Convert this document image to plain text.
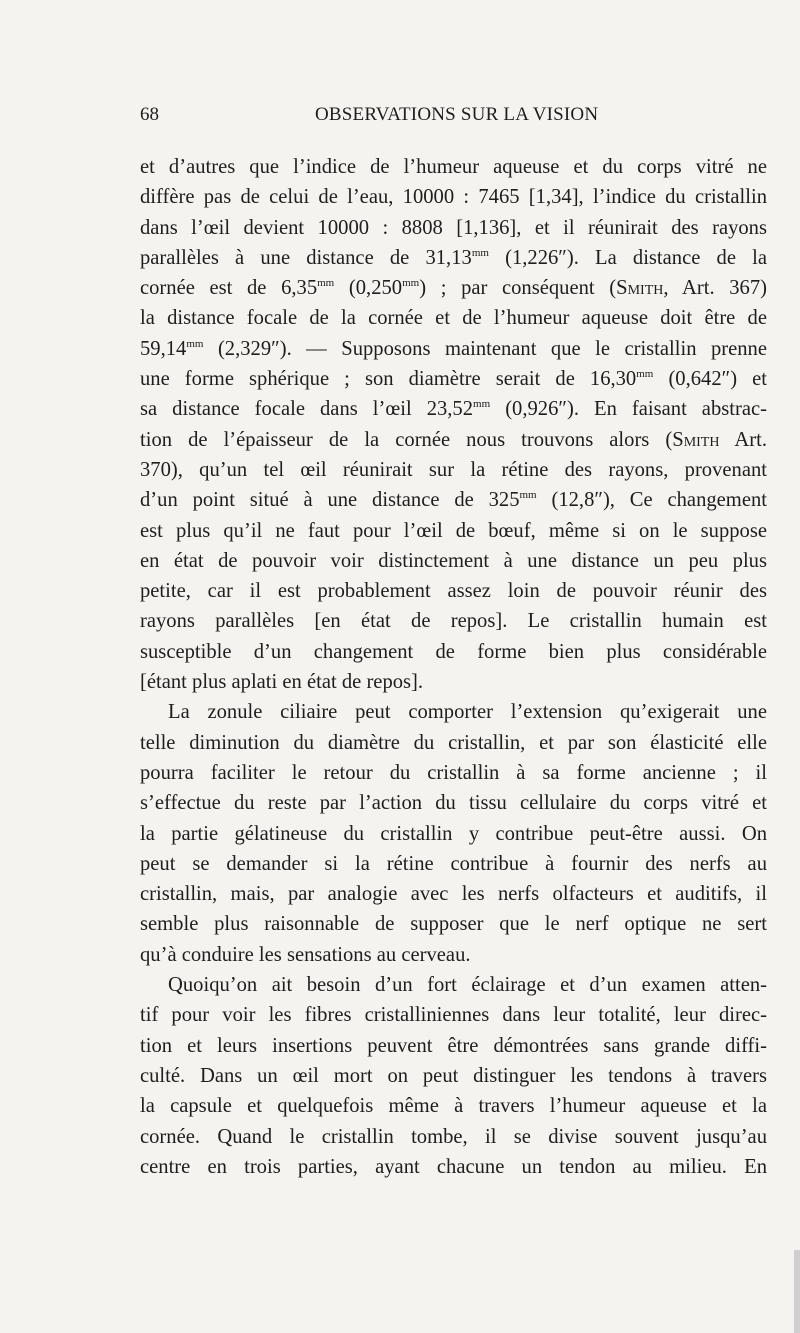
68	OBSERVATIONS SUR LA VISION
et d’autres que l’indice de l’humeur aqueuse et du corps vitré ne
diffère pas de celui de l’eau, 10000 : 7465 [1,34], l’indice du cristallin
dans l’œil devient 10000 : 8808 [1,136], et il réunirait des rayons
parallèles à une distance de $31,13^{mm}$ (1,226″). La distance de la
cornée est de $6,35^{mm}$ $(0,250^{mm})$ ; par conséquent (Smith, Art. 367)
la distance focale de la cornée et de l’humeur aqueuse doit être de
$59,14^{mm}$ (2,329″). — Supposons maintenant que le cristallin prenne
une forme sphérique ; son diamètre serait de $16,30^{mm}$ (0,642″) et
sa distance focale dans l’œil $23,52^{mm}$ (0,926″). En faisant abstrac-
tion de l’épaisseur de la cornée nous trouvons alors (Smith Art.
370), qu’un tel œil réunirait sur la rétine des rayons, provenant
d’un point situé à une distance de $325^{mm}$ (12,8″), Ce changement
est plus qu’il ne faut pour l’œil de bœuf, même si on le suppose
en état de pouvoir voir distinctement à une distance un peu plus
petite, car il est probablement assez loin de pouvoir réunir des
rayons parallèles [en état de repos]. Le cristallin humain est
susceptible d’un changement de forme bien plus considérable
[étant plus aplati en état de repos].
La zonule ciliaire peut comporter l’extension qu’exigerait une
telle diminution du diamètre du cristallin, et par son élasticité elle
pourra faciliter le retour du cristallin à sa forme ancienne ; il
s’effectue du reste par l’action du tissu cellulaire du corps vitré et
la partie gélatineuse du cristallin y contribue peut-être aussi. On
peut se demander si la rétine contribue à fournir des nerfs au
cristallin, mais, par analogie avec les nerfs olfacteurs et auditifs, il
semble plus raisonnable de supposer que le nerf optique ne sert
qu’à conduire les sensations au cerveau.
Quoiqu’on ait besoin d’un fort éclairage et d’un examen atten-
tif pour voir les fibres cristalliniennes dans leur totalité, leur direc-
tion et leurs insertions peuvent être démontrées sans grande diffi-
culté. Dans un œil mort on peut distinguer les tendons à travers
la capsule et quelquefois même à travers l’humeur aqueuse et la
cornée. Quand le cristallin tombe, il se divise souvent jusqu’au
centre en trois parties, ayant chacune un tendon au milieu. En
